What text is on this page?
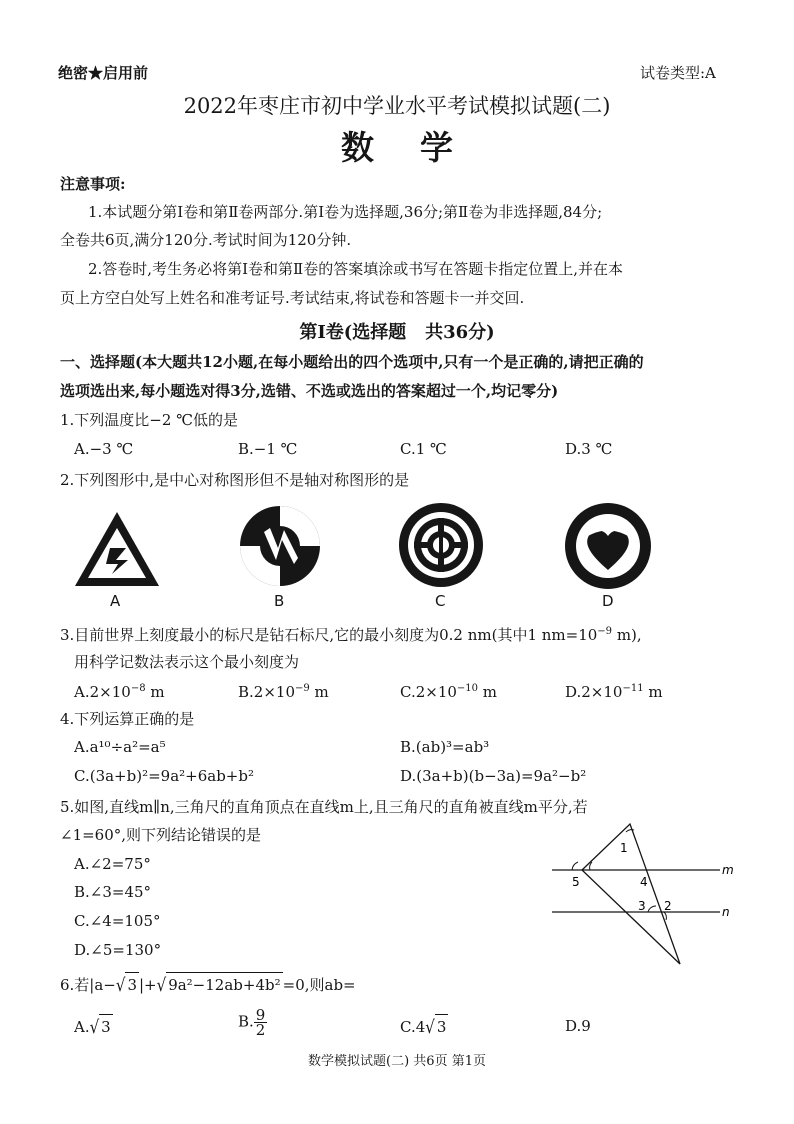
绝密★启用前	试卷类型:A
2022年枣庄市初中学业水平考试模拟试题(二)
数    学
注意事项:
1.本试题分第Ⅰ卷和第Ⅱ卷两部分.第Ⅰ卷为选择题,36分;第Ⅱ卷为非选择题,84分;
全卷共6页,满分120分.考试时间为120分钟.
2.答卷时,考生务必将第Ⅰ卷和第Ⅱ卷的答案填涂或书写在答题卡指定位置上,并在本
页上方空白处写上姓名和准考证号.考试结束,将试卷和答题卡一并交回.
第Ⅰ卷(选择题   共36分)
一、选择题(本大题共12小题,在每小题给出的四个选项中,只有一个是正确的,请把正确的
选项选出来,每小题选对得3分,选错、不选或选出的答案超过一个,均记零分)
1.下列温度比−2 ℃低的是
A.−3 ℃	B.−1 ℃	C.1 ℃	D.3 ℃
2.下列图形中,是中心对称图形但不是轴对称图形的是
A	B	C	D
3.目前世界上刻度最小的标尺是钻石标尺,它的最小刻度为0.2 nm(其中1 $nm=10^{-9}$ m),
用科学记数法表示这个最小刻度为
$A.2\times 10^{-8}$ m	$B.2\times 10^{-9}$ m	$C.2\times 10^{-10}$ m	$D.2\times 10^{-11}$ m
4.下列运算正确的是
A.a¹⁰÷a²=a⁵	B.(ab)³=ab³
C.(3a+b)²=9a²+6ab+b²	D.(3a+b)(b−3a)=9a²−b²
5.如图,直线m∥n,三角尺的直角顶点在直线m上,且三角尺的直角被直线m平分,若
∠1=60°,则下列结论错误的是
A.∠2=75°
B.∠3=45°
C.∠4=105°
D.∠5=130°
1
4
5
3 2
m
n
6.若|a−√ 3 |+√ 9a²−12ab+4b² =0,则ab=
A.√ 3	B. $\frac{9}{2}$	C.4√ 3	D.9
数学模拟试题(二) 共6页 第1页
